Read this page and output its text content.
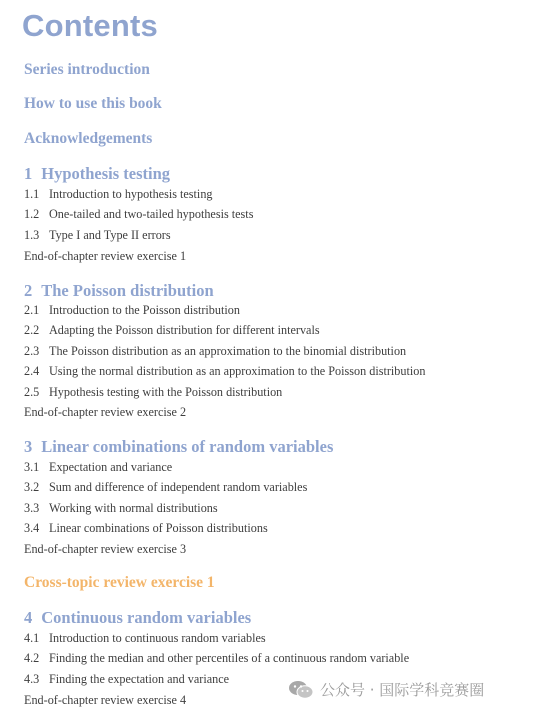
Contents
Series introduction
How to use this book
Acknowledgements
1 Hypothesis testing
1.1 Introduction to hypothesis testing
1.2 One-tailed and two-tailed hypothesis tests
1.3 Type I and Type II errors
End-of-chapter review exercise 1
2 The Poisson distribution
2.1 Introduction to the Poisson distribution
2.2 Adapting the Poisson distribution for different intervals
2.3 The Poisson distribution as an approximation to the binomial distribution
2.4 Using the normal distribution as an approximation to the Poisson distribution
2.5 Hypothesis testing with the Poisson distribution
End-of-chapter review exercise 2
3 Linear combinations of random variables
3.1 Expectation and variance
3.2 Sum and difference of independent random variables
3.3 Working with normal distributions
3.4 Linear combinations of Poisson distributions
End-of-chapter review exercise 3
Cross-topic review exercise 1
4 Continuous random variables
4.1 Introduction to continuous random variables
4.2 Finding the median and other percentiles of a continuous random variable
4.3 Finding the expectation and variance
End-of-chapter review exercise 4
公众号 · 国际学科竞赛圈
